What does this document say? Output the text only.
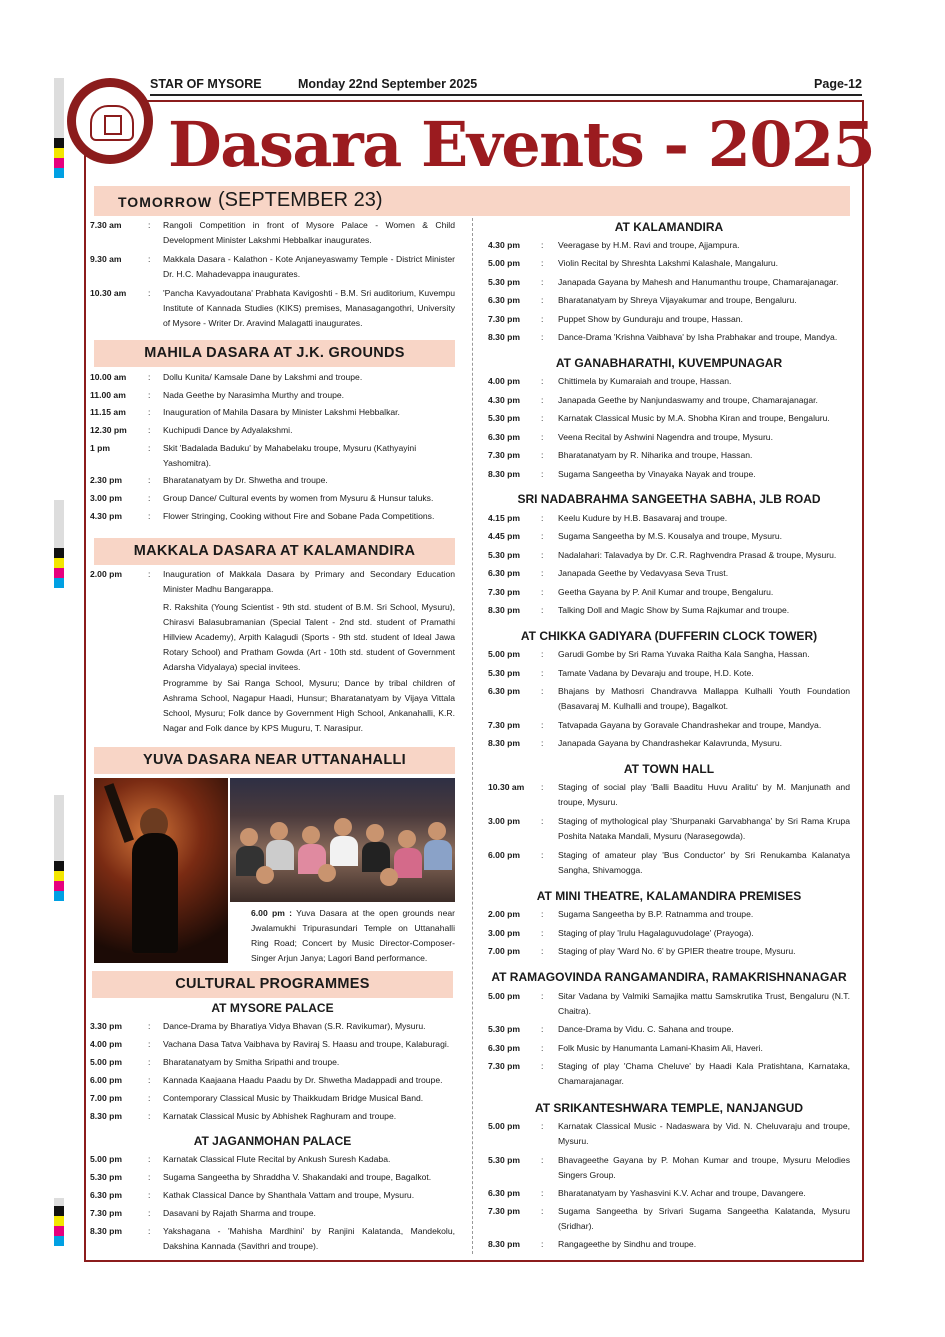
STAR OF MYSORE	Monday 22nd September 2025	Page-12
Dasara Events - 2025
TOMORROW (SEPTEMBER 23)
7.30 am	: Rangoli Competition in front of Mysore Palace - Women & Child Development Minister Lakshmi Hebbalkar inaugurates.
9.30 am	: Makkala Dasara - Kalathon - Kote Anjaneyaswamy Temple - District Minister Dr. H.C. Mahadevappa inaugurates.
10.30 am	: 'Pancha Kavyadoutana' Prabhata Kavigoshti - B.M. Sri auditorium, Kuvempu Institute of Kannada Studies (KIKS) premises, Manasagangothri, University of Mysore - Writer Dr. Aravind Malagatti inaugurates.
MAHILA DASARA AT J.K. GROUNDS
10.00 am	: Dollu Kunita/ Kamsale Dane by Lakshmi and troupe.
11.00 am	: Nada Geethe by Narasimha Murthy and troupe.
11.15 am	: Inauguration of Mahila Dasara by Minister Lakshmi Hebbalkar.
12.30 pm : Kuchipudi Dance by Adyalakshmi.
1 pm	: Skit 'Badalada Baduku' by Mahabelaku troupe, Mysuru (Kathyayini Yashomitra).
2.30 pm	: Bharatanatyam by Dr. Shwetha and troupe.
3.00 pm	: Group Dance/ Cultural events by women from Mysuru & Hunsur taluks.
4.30 pm	: Flower Stringing, Cooking without Fire and Sobane Pada Competitions.
MAKKALA DASARA AT KALAMANDIRA
2.00 pm	: Inauguration of Makkala Dasara by Primary and Secondary Education Minister Madhu Bangarappa.
R. Rakshita (Young Scientist - 9th std. student of B.M. Sri School, Mysuru), Chirasvi Balasubramanian (Special Talent - 2nd std. student of Pramathi Hillview Academy), Arpith Kalagudi (Sports - 9th std. student of Ideal Jawa Rotary School) and Pratham Gowda (Art - 10th std. student of Government Adarsha Vidyalaya) special invitees.
Programme by Sai Ranga School, Mysuru; Dance by tribal children of Ashrama School, Nagapur Haadi, Hunsur; Bharatanatyam by Vijaya Vittala School, Mysuru; Folk dance by Government High School, Ankanahalli, K.R. Nagar and Folk dance by KPS Muguru, T. Narasipur.
YUVA DASARA NEAR UTTANAHALLI
CULTURAL PROGRAMMES
AT MYSORE PALACE
3.30 pm	: Dance-Drama by Bharatiya Vidya Bhavan (S.R. Ravikumar), Mysuru.
4.00 pm	: Vachana Dasa Tatva Vaibhava by Raviraj S. Haasu and troupe, Kalaburagi.
5.00 pm	: Bharatanatyam by Smitha Sripathi and troupe.
6.00 pm	: Kannada Kaajaana Haadu Paadu by Dr. Shwetha Madappadi and troupe.
7.00 pm	: Contemporary Classical Music by Thaikkudam Bridge Musical Band.
8.30 pm	: Karnatak Classical Music by Abhishek Raghuram and troupe.
AT JAGANMOHAN PALACE
5.00 pm	: Karnatak Classical Flute Recital by Ankush Suresh Kadaba.
5.30 pm	: Sugama Sangeetha by Shraddha V. Shakandaki and troupe, Bagalkot.
6.30 pm	: Kathak Classical Dance by Shanthala Vattam and troupe, Mysuru.
7.30 pm	: Dasavani by Rajath Sharma and troupe.
8.30 pm	: Yakshagana - 'Mahisha Mardhini' by Ranjini Kalatanda, Mandekolu, Dakshina Kannada (Savithri and troupe).
AT KALAMANDIRA
4.30 pm : Veeragase by H.M. Ravi and troupe, Ajjampura.
5.00 pm : Violin Recital by Shreshta Lakshmi Kalashale, Mangaluru.
5.30 pm : Janapada Gayana by Mahesh and Hanumanthu troupe, Chamarajanagar.
6.30 pm : Bharatanatyam by Shreya Vijayakumar and troupe, Bengaluru.
7.30 pm : Puppet Show by Gunduraju and troupe, Hassan.
8.30 pm : Dance-Drama 'Krishna Vaibhava' by Isha Prabhakar and troupe, Mandya.
AT GANABHARATHI, KUVEMPUNAGAR
4.00 pm : Chittimela by Kumaraiah and troupe, Hassan.
4.30 pm : Janapada Geethe by Nanjundaswamy and troupe, Chamarajanagar.
5.30 pm : Karnatak Classical Music by M.A. Shobha Kiran and troupe, Bengaluru.
6.30 pm : Veena Recital by Ashwini Nagendra and troupe, Mysuru.
7.30 pm : Bharatanatyam by R. Niharika and troupe, Hassan.
8.30 pm : Sugama Sangeetha by Vinayaka Nayak and troupe.
SRI NADABRAHMA SANGEETHA SABHA, JLB ROAD
4.15 pm : Keelu Kudure by H.B. Basavaraj and troupe.
4.45 pm : Sugama Sangeetha by M.S. Kousalya and troupe, Mysuru.
5.30 pm : Nadalahari: Talavadya by Dr. C.R. Raghvendra Prasad & troupe, Mysuru.
6.30 pm : Janapada Geethe by Vedavyasa Seva Trust.
7.30 pm : Geetha Gayana by P. Anil Kumar and troupe, Bengaluru.
8.30 pm : Talking Doll and Magic Show by Suma Rajkumar and troupe.
AT CHIKKA GADIYARA (DUFFERIN CLOCK TOWER)
5.00 pm : Garudi Gombe by Sri Rama Yuvaka Raitha Kala Sangha, Hassan.
5.30 pm : Tamate Vadana by Devaraju and troupe, H.D. Kote.
6.30 pm : Bhajans by Mathosri Chandravva Mallappa Kulhalli Youth Foundation (Basavaraj M. Kulhalli and troupe), Bagalkot.
7.30 pm : Tatvapada Gayana by Goravale Chandrashekar and troupe, Mandya.
8.30 pm : Janapada Gayana by Chandrashekar Kalavrunda, Mysuru.
AT TOWN HALL
10.30 am : Staging of social play 'Balli Baaditu Huvu Aralitu' by M. Manjunath and troupe, Mysuru.
3.00 pm : Staging of mythological play 'Shurpanaki Garvabhanga' by Sri Rama Krupa Poshita Nataka Mandali, Mysuru (Narasegowda).
6.00 pm : Staging of amateur play 'Bus Conductor' by Sri Renukamba Kalanatya Sangha, Shivamogga.
AT MINI THEATRE, KALAMANDIRA PREMISES
2.00 pm : Sugama Sangeetha by B.P. Ratnamma and troupe.
3.00 pm : Staging of play 'Irulu Hagalaguvudolage' (Prayoga).
7.00 pm : Staging of play 'Ward No. 6' by GPIER theatre troupe, Mysuru.
AT RAMAGOVINDA RANGAMANDIRA, RAMAKRISHNANAGAR
5.00 pm : Sitar Vadana by Valmiki Samajika mattu Samskrutika Trust, Bengaluru (N.T. Chaitra).
5.30 pm : Dance-Drama by Vidu. C. Sahana and troupe.
6.30 pm : Folk Music by Hanumanta Lamani-Khasim Ali, Haveri.
7.30 pm : Staging of play 'Chama Cheluve' by Haadi Kala Pratishtana, Karnataka, Chamarajanagar.
AT SRIKANTESHWARA TEMPLE, NANJANGUD
5.00 pm : Karnatak Classical Music - Nadaswara by Vid. N. Cheluvaraju and troupe, Mysuru.
5.30 pm : Bhavageethe Gayana by P. Mohan Kumar and troupe, Mysuru Melodies Singers Group.
6.30 pm : Bharatanatyam by Yashasvini K.V. Achar and troupe, Davangere.
7.30 pm : Sugama Sangeetha by Srivari Sugama Sangeetha Kalatanda, Mysuru (Sridhar).
8.30 pm : Rangageethe by Sindhu and troupe.
6.00 pm : Yuva Dasara at the open grounds near Jwalamukhi Tripurasundari Temple on Uttanahalli Ring Road; Concert by Music Director-Composer-Singer Arjun Janya; Lagori Band performance.
